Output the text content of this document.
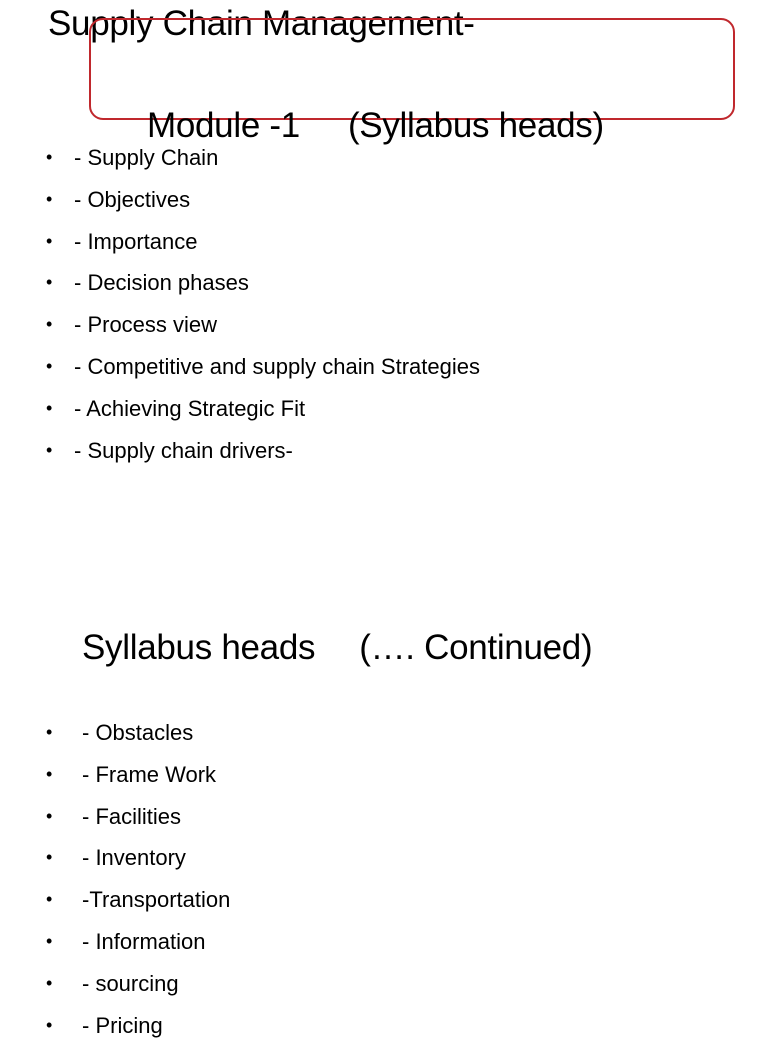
Supply Chain Management-
Module -1 (Syllabus heads)
• - Supply Chain
• - Objectives
• - Importance
• - Decision phases
• - Process view
• - Competitive and supply chain Strategies
• - Achieving Strategic Fit
• - Supply chain drivers-
Syllabus heads (…. Continued)
• - Obstacles
• - Frame Work
• - Facilities
• - Inventory
• -Transportation
• - Information
• - sourcing
• - Pricing
